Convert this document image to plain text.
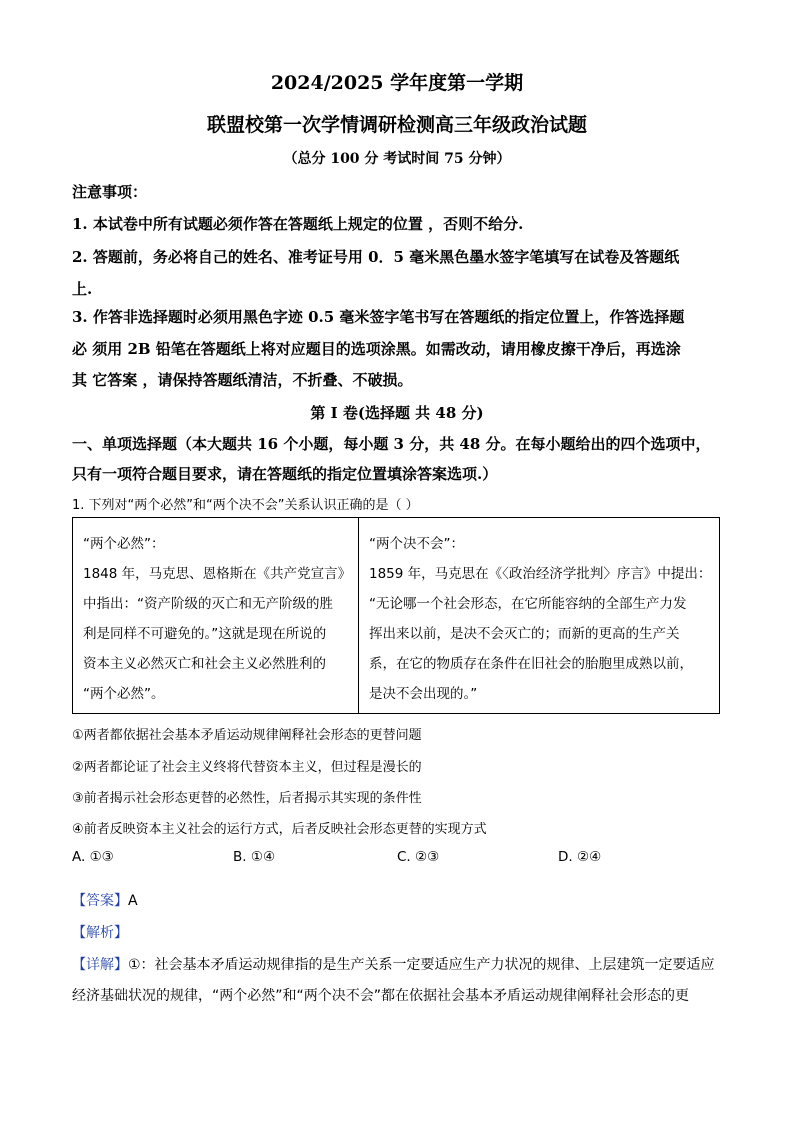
2024/2025 学年度第一学期
联盟校第一次学情调研检测高三年级政治试题
（总分 100 分 考试时间 75 分钟）
注意事项：
1. 本试卷中所有试题必须作答在答题纸上规定的位置 ，否则不给分.
2. 答题前，务必将自己的姓名、准考证号用 0．5 毫米黑色墨水签字笔填写在试卷及答题纸
上.
3. 作答非选择题时必须用黑色字迹 0.5 毫米签字笔书写在答题纸的指定位置上，作答选择题
必 须用 2B 铅笔在答题纸上将对应题目的选项涂黑。如需改动，请用橡皮擦干净后，再选涂
其 它答案 ，请保持答题纸清洁，不折叠、不破损。
第 I 卷(选择题 共 48 分)
一、单项选择题（本大题共 16 个小题，每小题 3 分，共 48 分。在每小题给出的四个选项中，
只有一项符合题目要求，请在答题纸的指定位置填涂答案选项.）
1. 下列对“两个必然”和“两个决不会”关系认识正确的是（ ）
“两个必然”：
1848 年，马克思、恩格斯在《共产党宣言》
中指出：“资产阶级的灭亡和无产阶级的胜
利是同样不可避免的。”这就是现在所说的
资本主义必然灭亡和社会主义必然胜利的
“两个必然”。
“两个决不会”：
1859 年，马克思在《〈政治经济学批判〉序言》中提出：
“无论哪一个社会形态，在它所能容纳的全部生产力发
挥出来以前，是决不会灭亡的；而新的更高的生产关
系，在它的物质存在条件在旧社会的胎胞里成熟以前，
是决不会出现的。”
①两者都依据社会基本矛盾运动规律阐释社会形态的更替问题
②两者都论证了社会主义终将代替资本主义，但过程是漫长的
③前者揭示社会形态更替的必然性，后者揭示其实现的条件性
④前者反映资本主义社会的运行方式，后者反映社会形态更替的实现方式
A. ①③	B. ①④	C. ②③	D. ②④
【答案】A
【解析】
【详解】①：社会基本矛盾运动规律指的是生产关系一定要适应生产力状况的规律、上层建筑一定要适应
经济基础状况的规律，“两个必然”和“两个决不会”都在依据社会基本矛盾运动规律阐释社会形态的更
